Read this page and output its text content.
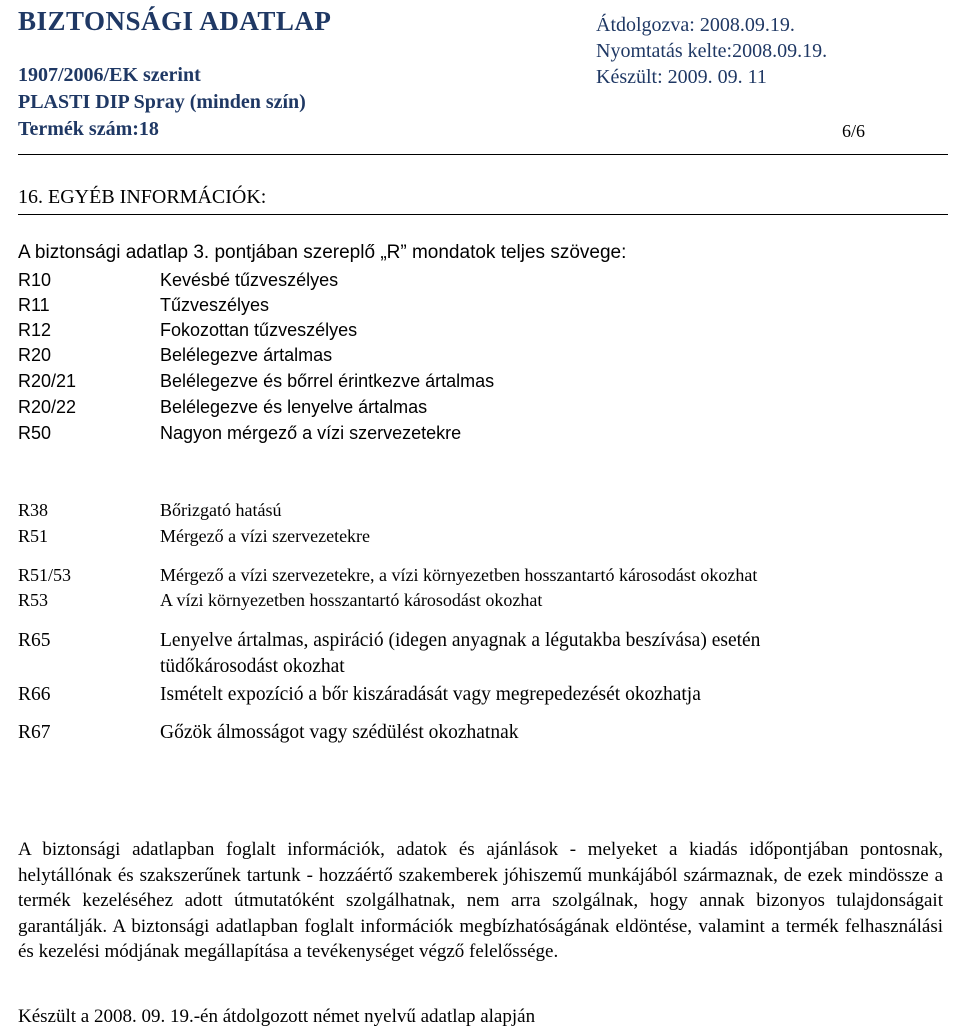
BIZTONSÁGI ADATLAP
1907/2006/EK szerint
PLASTI DIP Spray (minden szín)
Termék szám:18
Átdolgozva: 2008.09.19.
Nyomtatás kelte:2008.09.19.
Készült: 2009. 09. 11
6/6
16. EGYÉB INFORMÁCIÓK:
A biztonsági adatlap 3. pontjában szereplő „R” mondatok teljes szövege:
R10	Kevésbé tűzveszélyes
R11	Tűzveszélyes
R12	Fokozottan tűzveszélyes
R20	Belélegezve ártalmas
R20/21	Belélegezve és bőrrel érintkezve ártalmas
R20/22	Belélegezve és lenyelve ártalmas
R50	Nagyon mérgező a vízi szervezetekre
R38	Bőrizgató hatású
R51	Mérgező a vízi szervezetekre
R51/53	Mérgező a vízi szervezetekre, a vízi környezetben hosszantartó károsodást okozhat
R53	A vízi környezetben hosszantartó károsodást okozhat
R65	Lenyelve ártalmas, aspiráció (idegen anyagnak a légutakba beszívása) esetén
tüdőkárosodást okozhat
R66	Ismételt expozíció a bőr kiszáradását vagy megrepedezését okozhatja
R67	Gőzök álmosságot vagy szédülést okozhatnak
A biztonsági adatlapban foglalt információk, adatok és ajánlások - melyeket a kiadás időpontjában pontosnak, helytállónak és szakszerűnek tartunk - hozzáértő szakemberek jóhiszemű munkájából származnak, de ezek mindössze a termék kezeléséhez adott útmutatóként szolgálhatnak, nem arra szolgálnak, hogy annak bizonyos tulajdonságait garantálják. A biztonsági adatlapban foglalt információk megbízhatóságának eldöntése, valamint a termék felhasználási és kezelési módjának megállapítása a tevékenységet végző felelőssége.
Készült a 2008. 09. 19.-én átdolgozott német nyelvű adatlap alapján
